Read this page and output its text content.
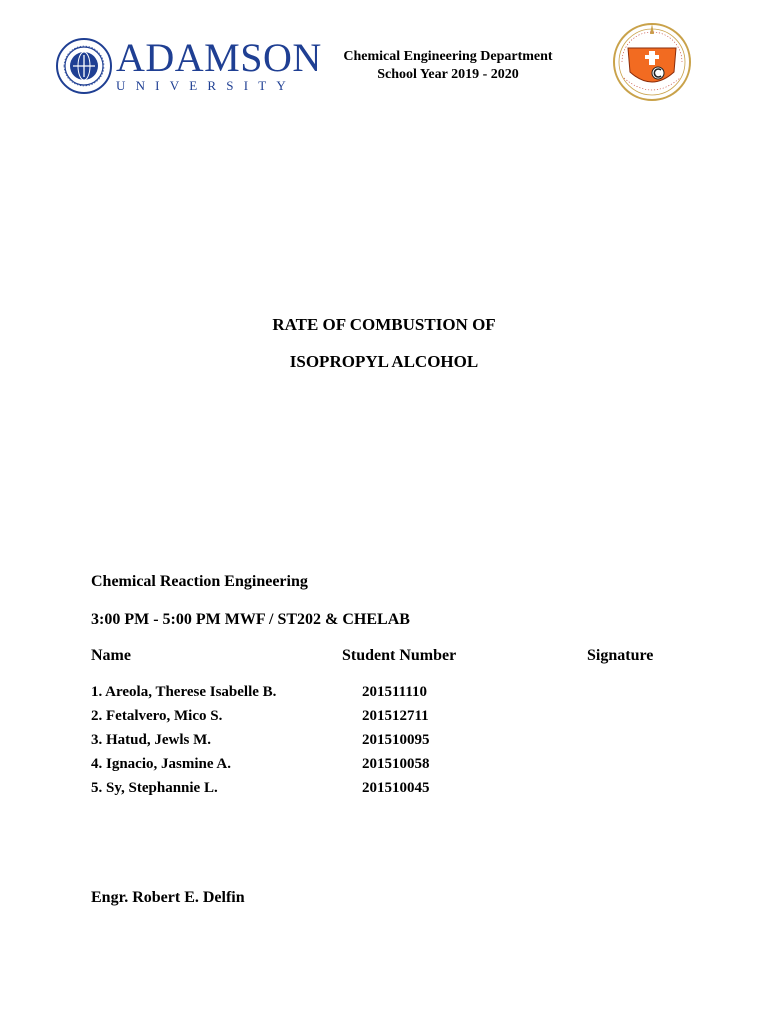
ADAMSON
UNIVERSITY
Chemical Engineering Department
School Year 2019 - 2020
RATE OF COMBUSTION OF
ISOPROPYL ALCOHOL
Chemical Reaction Engineering
3:00 PM - 5:00 PM MWF / ST202 & CHELAB
Name	Student Number	Signature
1. Areola, Therese Isabelle B.	201511110
2. Fetalvero, Mico S.	201512711
3. Hatud, Jewls M.	201510095
4. Ignacio, Jasmine A.	201510058
5. Sy, Stephannie L.	201510045
Engr. Robert E. Delfin
